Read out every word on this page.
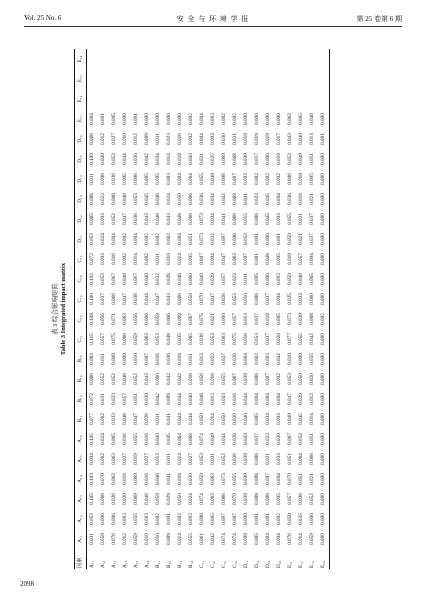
Vol. 25 No. 6	安 全 与 环 境 学 报	第 25 卷第 6 期
表 3 综合影响矩阵 Table 3 Integrated impact matrix
因素	A₁₁	A₁₂	A₁₃	A₁₄	A₁₅	A₁₆	B₁₁	B₁₂	B₁₃	B₁₄	C₁₁	C₁₂	C₁₃	C₁₄	C₁₅	D₁₁	D₁₂	D₁₃	D₁₄	D₁₅	D₁₆	E₁₁	E₁₂	E₁₃	E₁₄
A₁₁	0.031	0.053	0.105	0.103	0.094	0.105	0.077	0.072	0.086	0.083	0.115	0.109	0.100	0.102	0.072	0.053	0.085	0.088	0.011	0.100	0.068	0.004			
A₁₂	0.059	0.006	0.068	0.070	0.062	0.024	0.062	0.031	0.052	0.011	0.057	0.056	0.037	0.053	0.003	0.024	0.003	0.023	0.006	0.049	0.012	0.001			
A₁₃	0.076	0.006	0.026	0.063	0.063	0.065	0.033	0.033	0.052	0.009	0.075	0.071	0.066	0.067	0.016	0.004	0.052	0.068	0.036	0.052	0.027	0.005			
A₁₄	0.012	0.003	0.020	0.018	0.027	0.016	0.048	0.057	0.046	0.009	0.066	0.063	0.047	0.046	0.002	0.002	0.047	0.048	0.005	0.044	0.010	0.000			
A₁₅	0.059	0.035	0.069	0.069	0.019	0.055	0.047	0.051	0.052	0.010	0.059	0.056	0.038	0.067	0.014	0.004	0.036	0.053	0.006	0.036	0.012	0.001			
A₁₆	0.010	0.003	0.046	0.016	0.027	0.016	0.026	0.039	0.043	0.007	0.063	0.066	0.044	0.040	0.002	0.002	0.043	0.045	0.005	0.042	0.009	0.000			
B₁₁	0.010	0.002	0.059	0.046	0.013	0.040	0.011	0.042	0.060	0.018	0.053	0.059	0.047	0.032	0.011	0.002	0.046	0.048	0.005	0.034	0.011	0.000			
B₁₂	0.009	0.001	0.029	0.041	0.011	0.045	0.041	0.009	0.042	0.036	0.048	0.066	0.043	0.028	0.010	0.002	0.043	0.024	0.003	0.014	0.023	0.000			
B₁₃	0.014	0.002	0.050	0.018	0.014	0.064	0.044	0.044	0.042	0.018	0.035	0.069	0.066	0.048	0.014	0.004	0.048	0.050	0.004	0.019	0.016	0.000			
B₁₄	0.055	0.003	0.024	0.020	0.027	0.068	0.044	0.040	0.018	0.011	0.085	0.067	0.050	0.060	0.005	0.051	0.066	0.066	0.064	0.043	0.002	0.002			
C₁₁	0.061	0.008	0.074	0.059	0.053	0.074	0.050	0.046	0.056	0.013	0.036	0.075	0.070	0.040	0.007	0.073	0.073	0.036	0.055	0.031	0.004	0.004			
C₁₂	0.042	0.005	0.063	0.063	0.031	0.049	0.014	0.013	0.018	0.022	0.053	0.021	0.047	0.029	0.004	0.032	0.034	0.034	0.049	0.025	0.003	0.003			
C₁₃	0.074	0.007	0.086	0.073	0.052	0.044	0.050	0.043	0.055	0.027	0.063	0.060	0.026	0.057	0.047	0.007	0.041	0.042	0.008	0.069	0.030	0.002			
C₁₄	0.074	0.007	0.070	0.055	0.038	0.028	0.030	0.016	0.067	0.026	0.075	0.057	0.053	0.023	0.063	0.008	0.068	0.069	0.007	0.068	0.031	0.002			
D₁₁	0.009	0.000	0.039	0.039	0.039	0.043	0.040	0.044	0.039	0.004	0.016	0.013	0.010	0.011	0.007	0.052	0.015	0.041	0.003	0.039	0.019	0.000			
D₁₂	0.005	0.001	0.008	0.008	0.006	0.037	0.005	0.004	0.006	0.002	0.053	0.037	0.006	0.005	0.001	0.001	0.006	0.022	0.002	0.017	0.019	0.000			
D₁₃	0.004	0.001	0.008	0.007	0.021	0.023	0.034	0.004	0.007	0.003	0.037	0.019	0.037	0.006	0.048	0.006	0.045	0.045	0.002	0.006	0.019	0.000			
D₁₄	0.004	0.002	0.005	0.004	0.033	0.020	0.003	0.004	0.002	0.042	0.020	0.005	0.004	0.003	0.005	0.001	0.003	0.004	0.002	0.019	0.017	0.000			
E₁₁	0.076	0.050	0.057	0.070	0.051	0.087	0.049	0.047	0.053	0.010	0.077	0.073	0.025	0.059	0.019	0.059	0.055	0.036	0.006	0.052	0.043	0.063			
E₁₂	0.014	0.035	0.038	0.051	0.064	0.052	0.045	0.029	0.050	0.009	0.055	0.039	0.033	0.048	0.057	0.021	0.021	0.018	0.019	0.049	0.040	0.005			
E₁₃	0.059	0.006	0.052	0.021	0.066	0.051	0.014	0.012	0.020	0.035	0.042	0.068	0.060	0.065	0.004	0.037	0.037	0.021	0.005	0.051	0.013	0.046			
E₁₄	0.000	0.000	0.000	0.000	0.000	0.000	0.000	0.000	0.000	0.000	0.000	0.002	0.000	0.000	0.000	0.000	0.000	0.000	0.000	0.000	0.001	0.000			
2098
